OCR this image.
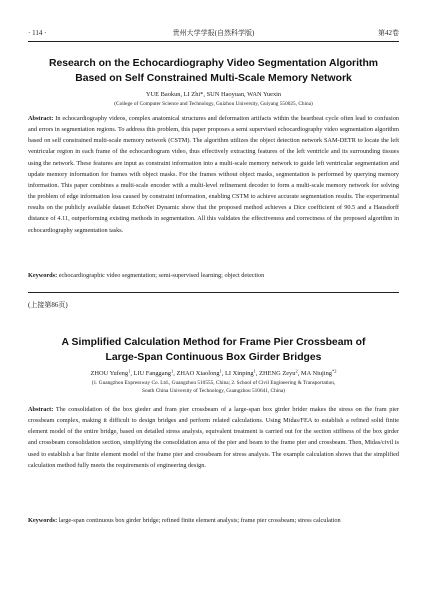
· 114 ·	贵州大学学报(自然科学版)	第42卷
Research on the Echocardiography Video Segmentation Algorithm
Based on Self Constrained Multi-Scale Memory Network
YUE Baokun, LI Zhi*, SUN Haoyuan, WAN Yuexin
(College of Computer Science and Technology, Guizhou University, Guiyang 550025, China)
Abstract: In echocardiography videos, complex anatomical structures and deformation artifacts within the heartbeat cycle often lead to confusion and errors in segmentation regions. To address this problem, this paper proposes a semi supervised echocardiography video segmentation algorithm based on self constrained multi-scale memory network (CSTM). The algorithm utilizes the object detection network SAM-DETR to locate the left ventricular region in each frame of the echocardiogram video, thus effectively extracting features of the left ventricle and its surrounding tissues using the network. These features are input as constraint information into a multi-scale memory network to guide left ventricular segmentation and update memory information for frames with object masks. For the frames without object masks, segmentation is performed by querying memory information. This paper combines a multi-scale encoder with a multi-level refinement decoder to form a multi-scale memory network for solving the problem of edge information loss caused by constraint information, enabling CSTM to achieve accurate segmentation results. The experimental results on the publicly available dataset EchoNet Dynamic show that the proposed method achieves a Dice coefficient of 90.5 and a Hausdorff distance of 4.11, outperforming existing methods in segmentation. All this validates the effectiveness and correctness of the proposed algorithm in echocardiography segmentation tasks.
Keywords: echocardiographic video segmentation; semi-supervised learning; object detection
(上接第86页)
A Simplified Calculation Method for Frame Pier Crossbeam of
Large-Span Continuous Box Girder Bridges
ZHOU Yufeng$^1$, LIU Fanggang$^1$, ZHAO Xiaolong$^1$, LI Xinping$^1$, ZHENG Zeyu$^2$, MA Niujing$^{*2}$
(1. Guangzhou Expressway Co. Ltd., Guangzhou 510555, China; 2. School of Civil Engineering & Transportation,
South China University of Technology, Guangzhou 510641, China)
Abstract: The consolidation of the box gieder and fram pier crossbeam of a large-span box girder brider makes the stress on the fram pier crossbeam complex, making it difficult to design bridges and perform related calculations. Using Midas/FEA to establish a refined solid finite element model of the entire bridge, based on detailed stress analysis, equivalent treatment is carried out for the section stiffness of the box girder and crossbeam consolidation section, simplifying the consolidation area of the pier and beam to the frame pier and crossbeam. Then, Midas/civil is used to establish a bar finite element model of the frame pier and crossbeam for stress analysis. The example calculation shows that the simplified calculation method fully meets the requirements of engineering design.
Keywords: large-span continuous box girder bridge; refined finite element analysis; frame pier crossbeam; stress calculation
